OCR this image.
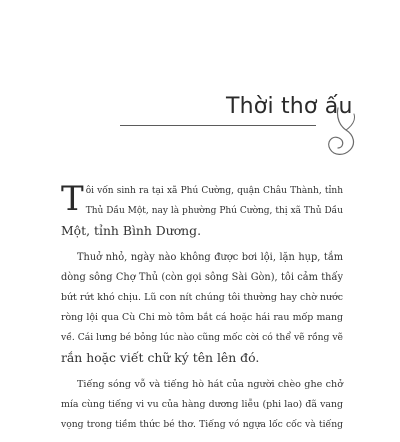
Thời thơ ấu

T ôi vốn sinh ra tại xã Phú Cường, quận Châu Thành, tỉnh
Thủ Dầu Một, nay là phường Phú Cường, thị xã Thủ Dầu
Một, tỉnh Bình Dương.

Thuở nhỏ, ngày nào không được bơi lội, lặn hụp, tắm
dòng sông Chợ Thủ (còn gọi sông Sài Gòn), tôi cảm thấy
bứt rứt khó chịu. Lũ con nít chúng tôi thường hay chờ nước
ròng lội qua Cù Chi mò tôm bắt cá hoặc hái rau mốp mang
về. Cái lưng bé bỏng lúc nào cũng mốc cời có thể vẽ rồng vẽ
rắn hoặc viết chữ ký tên lên đó.

Tiếng sóng vỗ và tiếng hò hát của người chèo ghe chở
mía cùng tiếng vi vu của hàng dương liễu (phi lao) đã vang
vọng trong tiềm thức bé thơ. Tiếng vó ngựa lốc cốc và tiếng
